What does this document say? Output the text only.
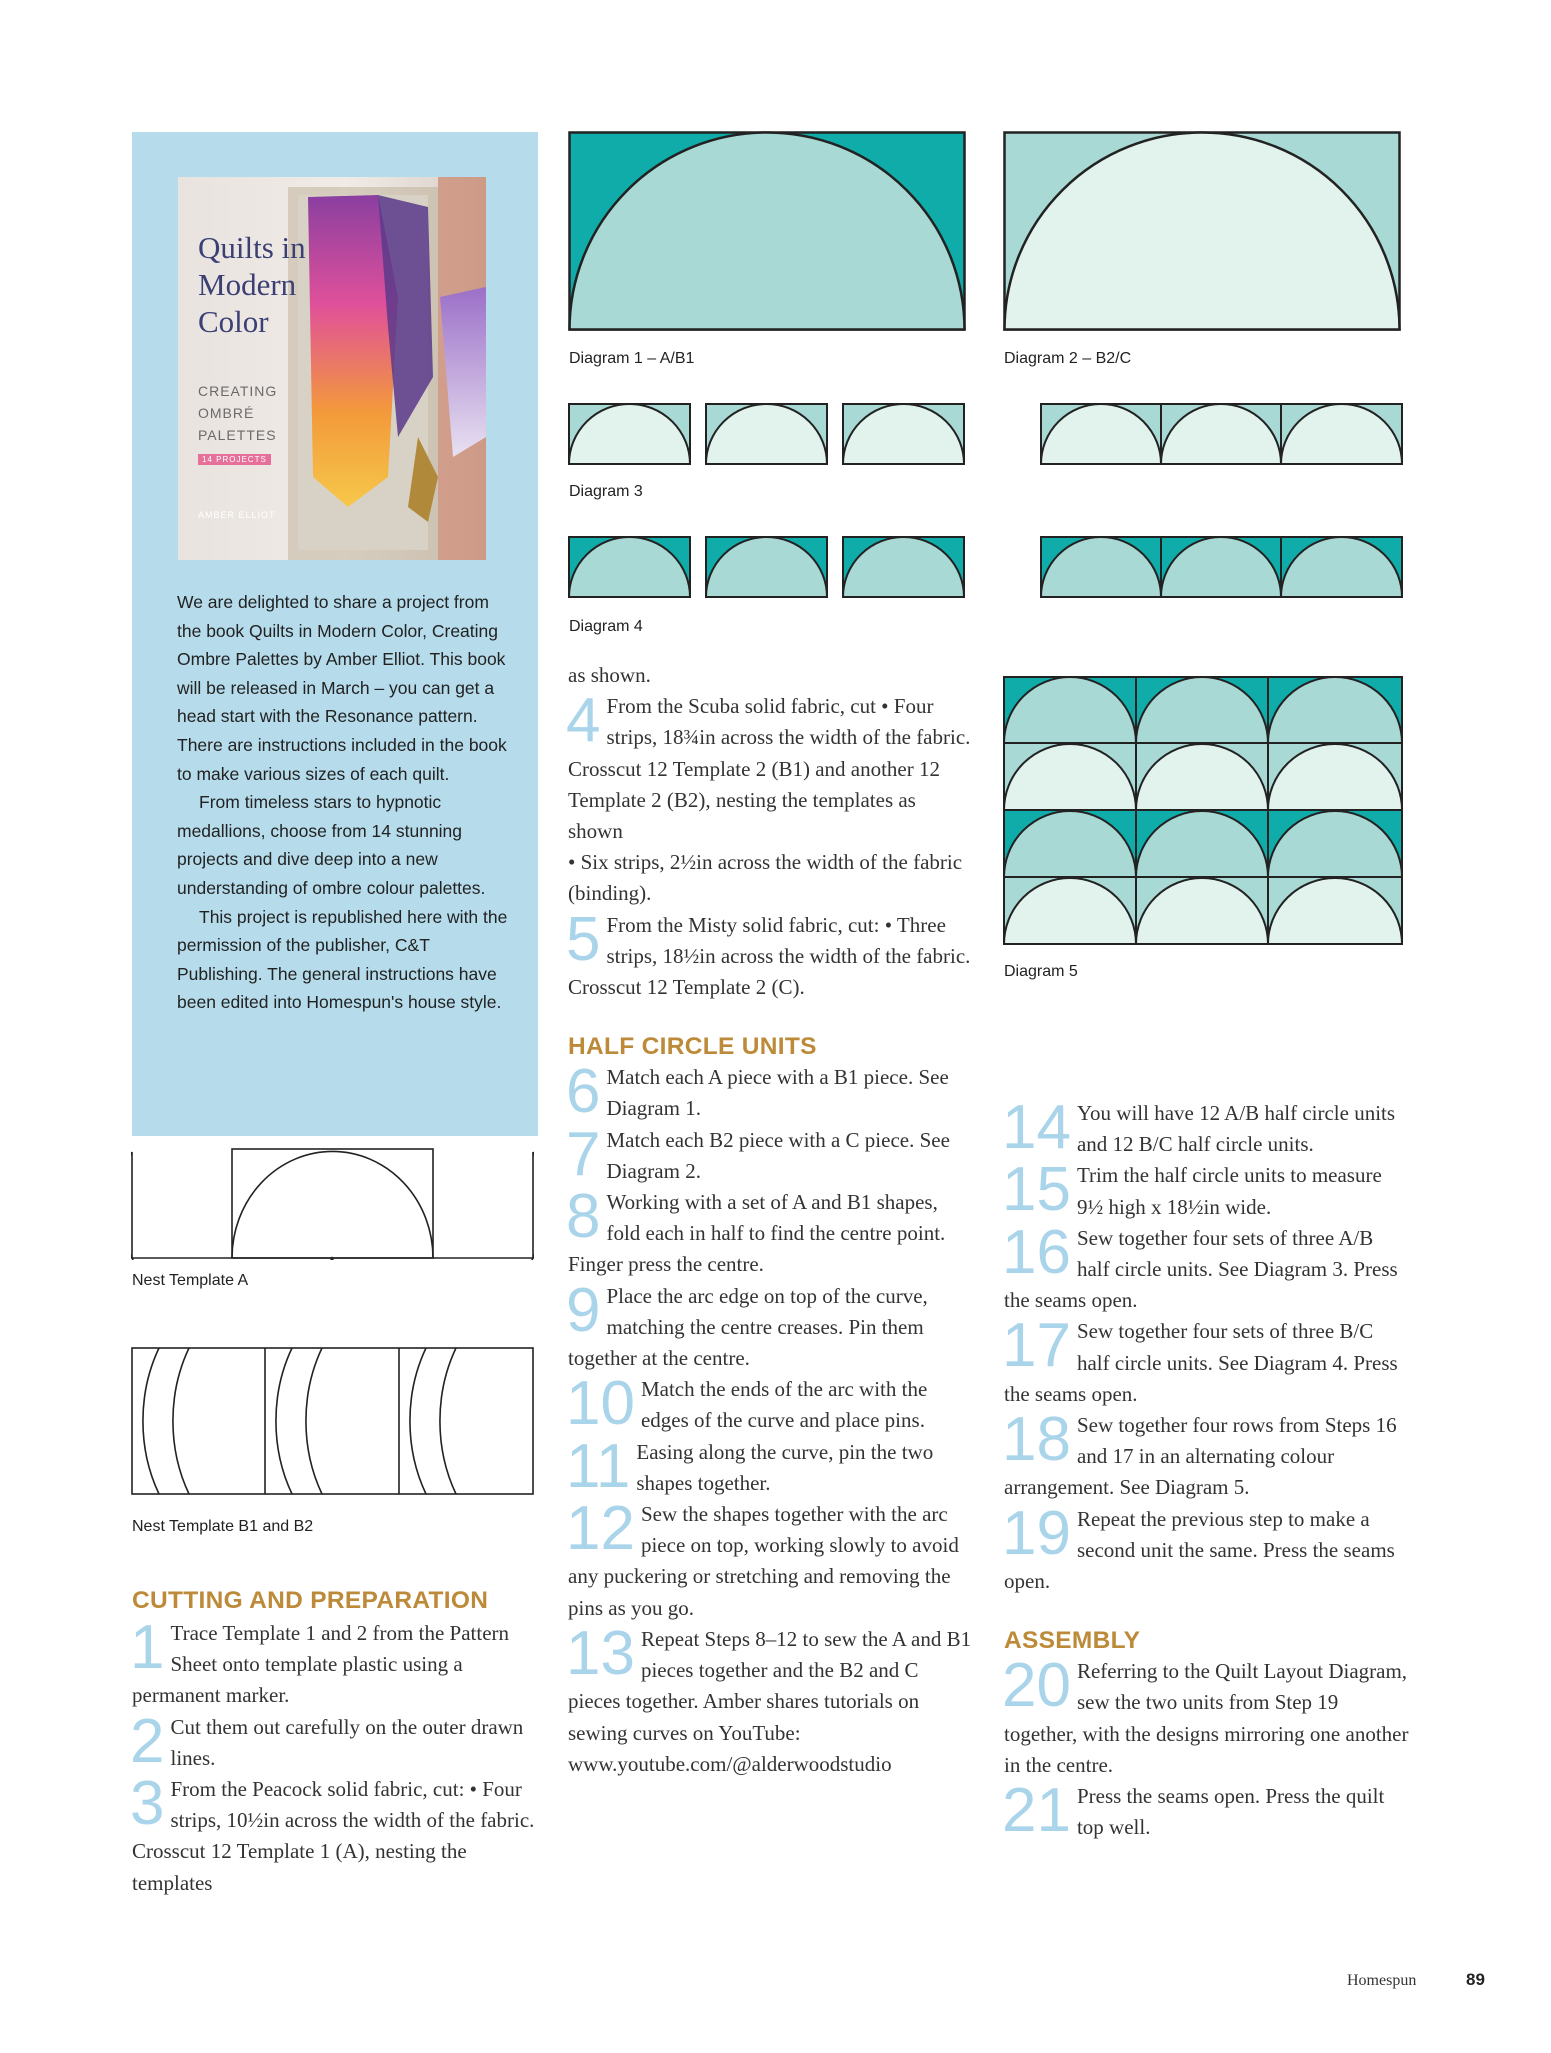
Quilts in Modern Color
CREATING OMBRÉ PALETTES
14 PROJECTS
AMBER ELLIOT

We are delighted to share a project from the book Quilts in Modern Color, Creating Ombre Palettes by Amber Elliot. This book will be released in March – you can get a head start with the Resonance pattern. There are instructions included in the book to make various sizes of each quilt.

From timeless stars to hypnotic medallions, choose from 14 stunning projects and dive deep into a new understanding of ombre colour palettes.

This project is republished here with the permission of the publisher, C&T Publishing. The general instructions have been edited into Homespun's house style.

Nest Template A
Nest Template B1 and B2
Diagram 1 – A/B1	Diagram 2 – B2/C
Diagram 3
Diagram 4
Diagram 5
CUTTING AND PREPARATION

1 Trace Template 1 and 2 from the Pattern Sheet onto template plastic using a permanent marker.

2 Cut them out carefully on the outer drawn lines.

3 From the Peacock solid fabric, cut: • Four strips, 10½in across the width of the fabric. Crosscut 12 Template 1 (A), nesting the templates

as shown.

4 From the Scuba solid fabric, cut • Four strips, 18¾in across the width of the fabric. Crosscut 12 Template 2 (B1) and another 12 Template 2 (B2), nesting the templates as shown

• Six strips, 2½in across the width of the fabric (binding).

5 From the Misty solid fabric, cut: • Three strips, 18½in across the width of the fabric. Crosscut 12 Template 2 (C).

HALF CIRCLE UNITS

6 Match each A piece with a B1 piece. See Diagram 1.

7 Match each B2 piece with a C piece. See Diagram 2.

8 Working with a set of A and B1 shapes, fold each in half to find the centre point. Finger press the centre.

9 Place the arc edge on top of the curve, matching the centre creases. Pin them together at the centre.

10 Match the ends of the arc with the edges of the curve and place pins.

11 Easing along the curve, pin the two shapes together.

12 Sew the shapes together with the arc piece on top, working slowly to avoid any puckering or stretching and removing the pins as you go.

13 Repeat Steps 8–12 to sew the A and B1 pieces together and the B2 and C pieces together. Amber shares tutorials on sewing curves on YouTube: www.youtube.com/@alderwoodstudio

14 You will have 12 A/B half circle units and 12 B/C half circle units.

15 Trim the half circle units to measure 9½ high x 18½in wide.

16 Sew together four sets of three A/B half circle units. See Diagram 3. Press the seams open.

17 Sew together four sets of three B/C half circle units. See Diagram 4. Press the seams open.

18 Sew together four rows from Steps 16 and 17 in an alternating colour arrangement. See Diagram 5.

19 Repeat the previous step to make a second unit the same. Press the seams open.

ASSEMBLY

20 Referring to the Quilt Layout Diagram, sew the two units from Step 19 together, with the designs mirroring one another in the centre.

21 Press the seams open. Press the quilt top well.

Homespun	89
